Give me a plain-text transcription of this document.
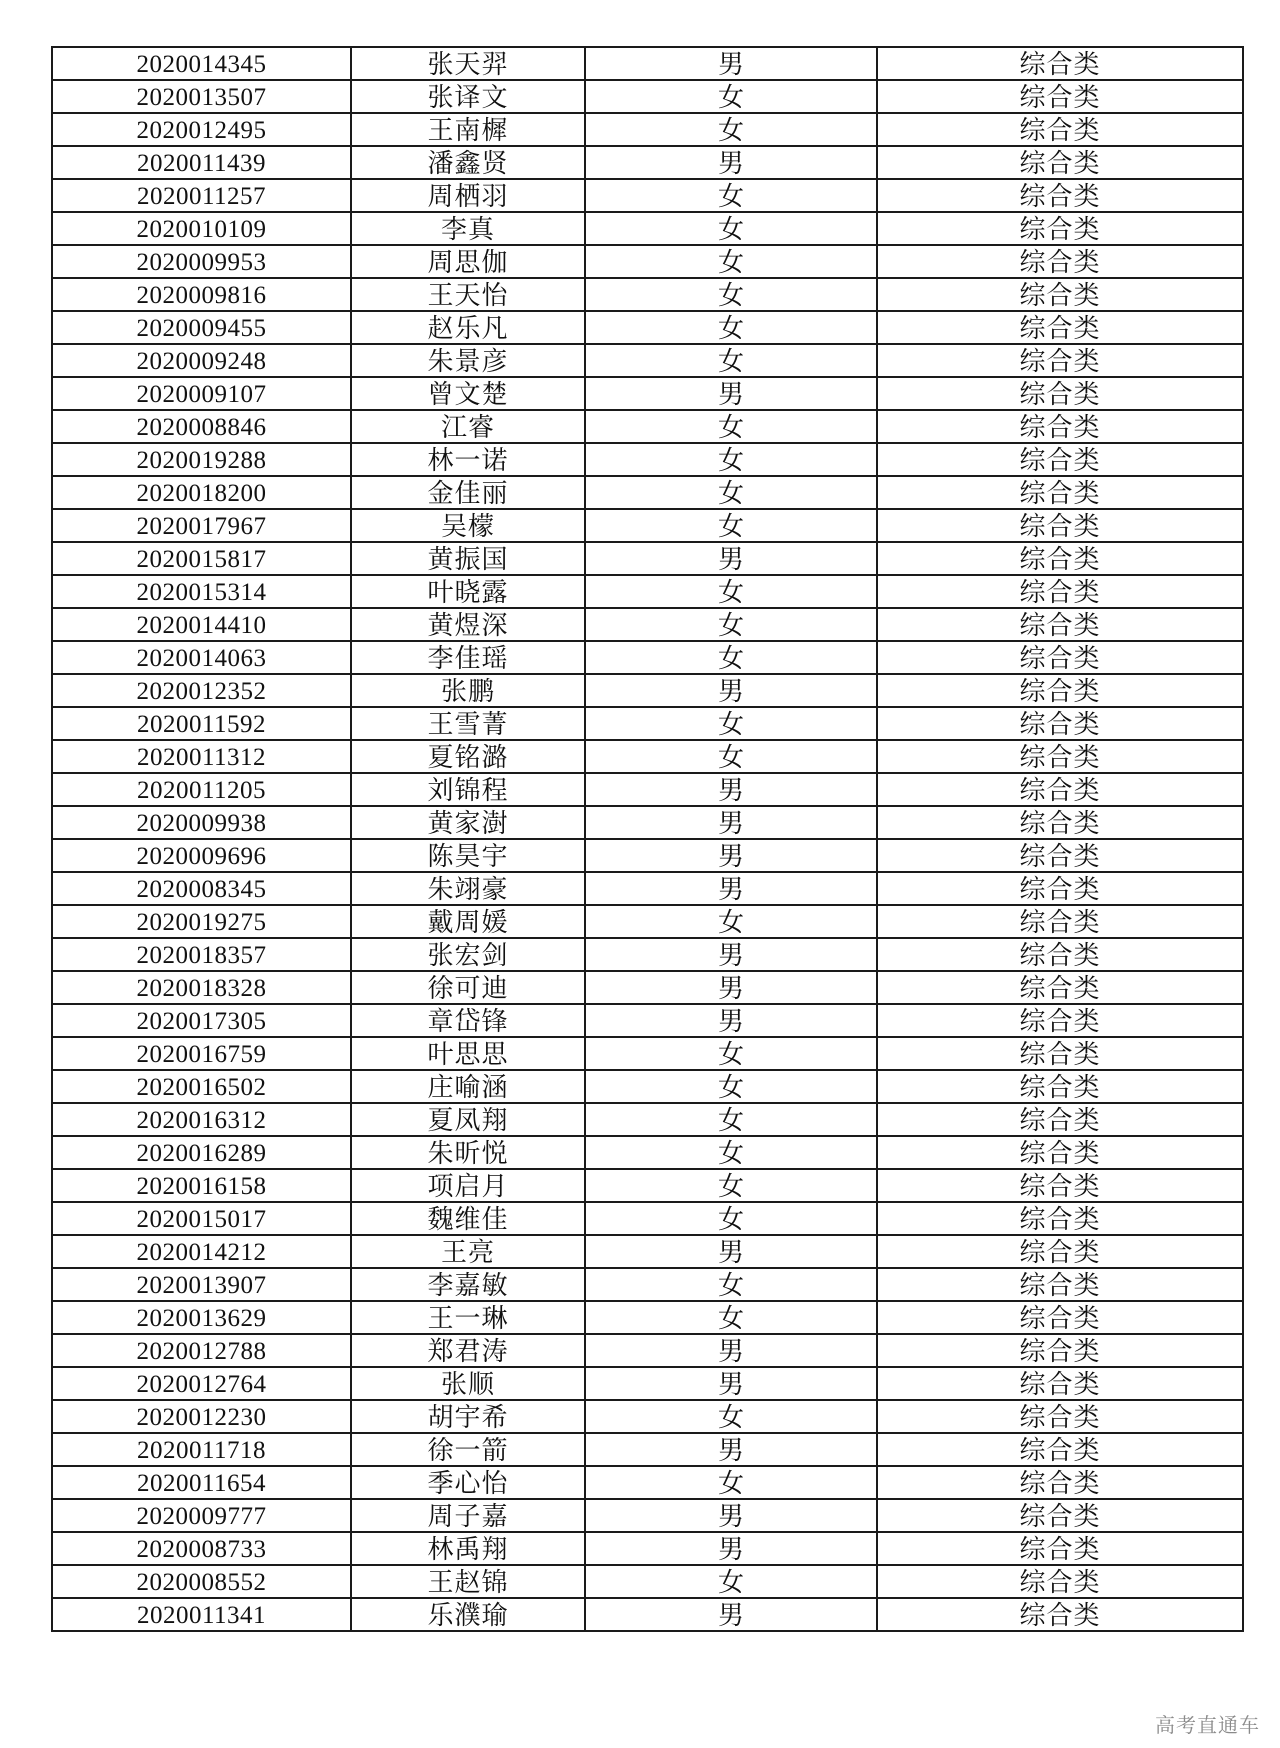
2020014345	张天羿	男	综合类
2020013507	张译文	女	综合类
2020012495	王南樨	女	综合类
2020011439	潘鑫贤	男	综合类
2020011257	周栖羽	女	综合类
2020010109	李真	女	综合类
2020009953	周思伽	女	综合类
2020009816	王天怡	女	综合类
2020009455	赵乐凡	女	综合类
2020009248	朱景彦	女	综合类
2020009107	曾文楚	男	综合类
2020008846	江睿	女	综合类
2020019288	林一诺	女	综合类
2020018200	金佳丽	女	综合类
2020017967	吴檬	女	综合类
2020015817	黄振国	男	综合类
2020015314	叶晓露	女	综合类
2020014410	黄煜深	女	综合类
2020014063	李佳瑶	女	综合类
2020012352	张鹏	男	综合类
2020011592	王雪菁	女	综合类
2020011312	夏铭潞	女	综合类
2020011205	刘锦程	男	综合类
2020009938	黄家澍	男	综合类
2020009696	陈昊宇	男	综合类
2020008345	朱翊豪	男	综合类
2020019275	戴周媛	女	综合类
2020018357	张宏剑	男	综合类
2020018328	徐可迪	男	综合类
2020017305	章岱锋	男	综合类
2020016759	叶思思	女	综合类
2020016502	庄喻涵	女	综合类
2020016312	夏凤翔	女	综合类
2020016289	朱昕悦	女	综合类
2020016158	项启月	女	综合类
2020015017	魏维佳	女	综合类
2020014212	王亮	男	综合类
2020013907	李嘉敏	女	综合类
2020013629	王一琳	女	综合类
2020012788	郑君涛	男	综合类
2020012764	张顺	男	综合类
2020012230	胡宇希	女	综合类
2020011718	徐一箭	男	综合类
2020011654	季心怡	女	综合类
2020009777	周子嘉	男	综合类
2020008733	林禹翔	男	综合类
2020008552	王赵锦	女	综合类
2020011341	乐濮瑜	男	综合类
高考直通车
